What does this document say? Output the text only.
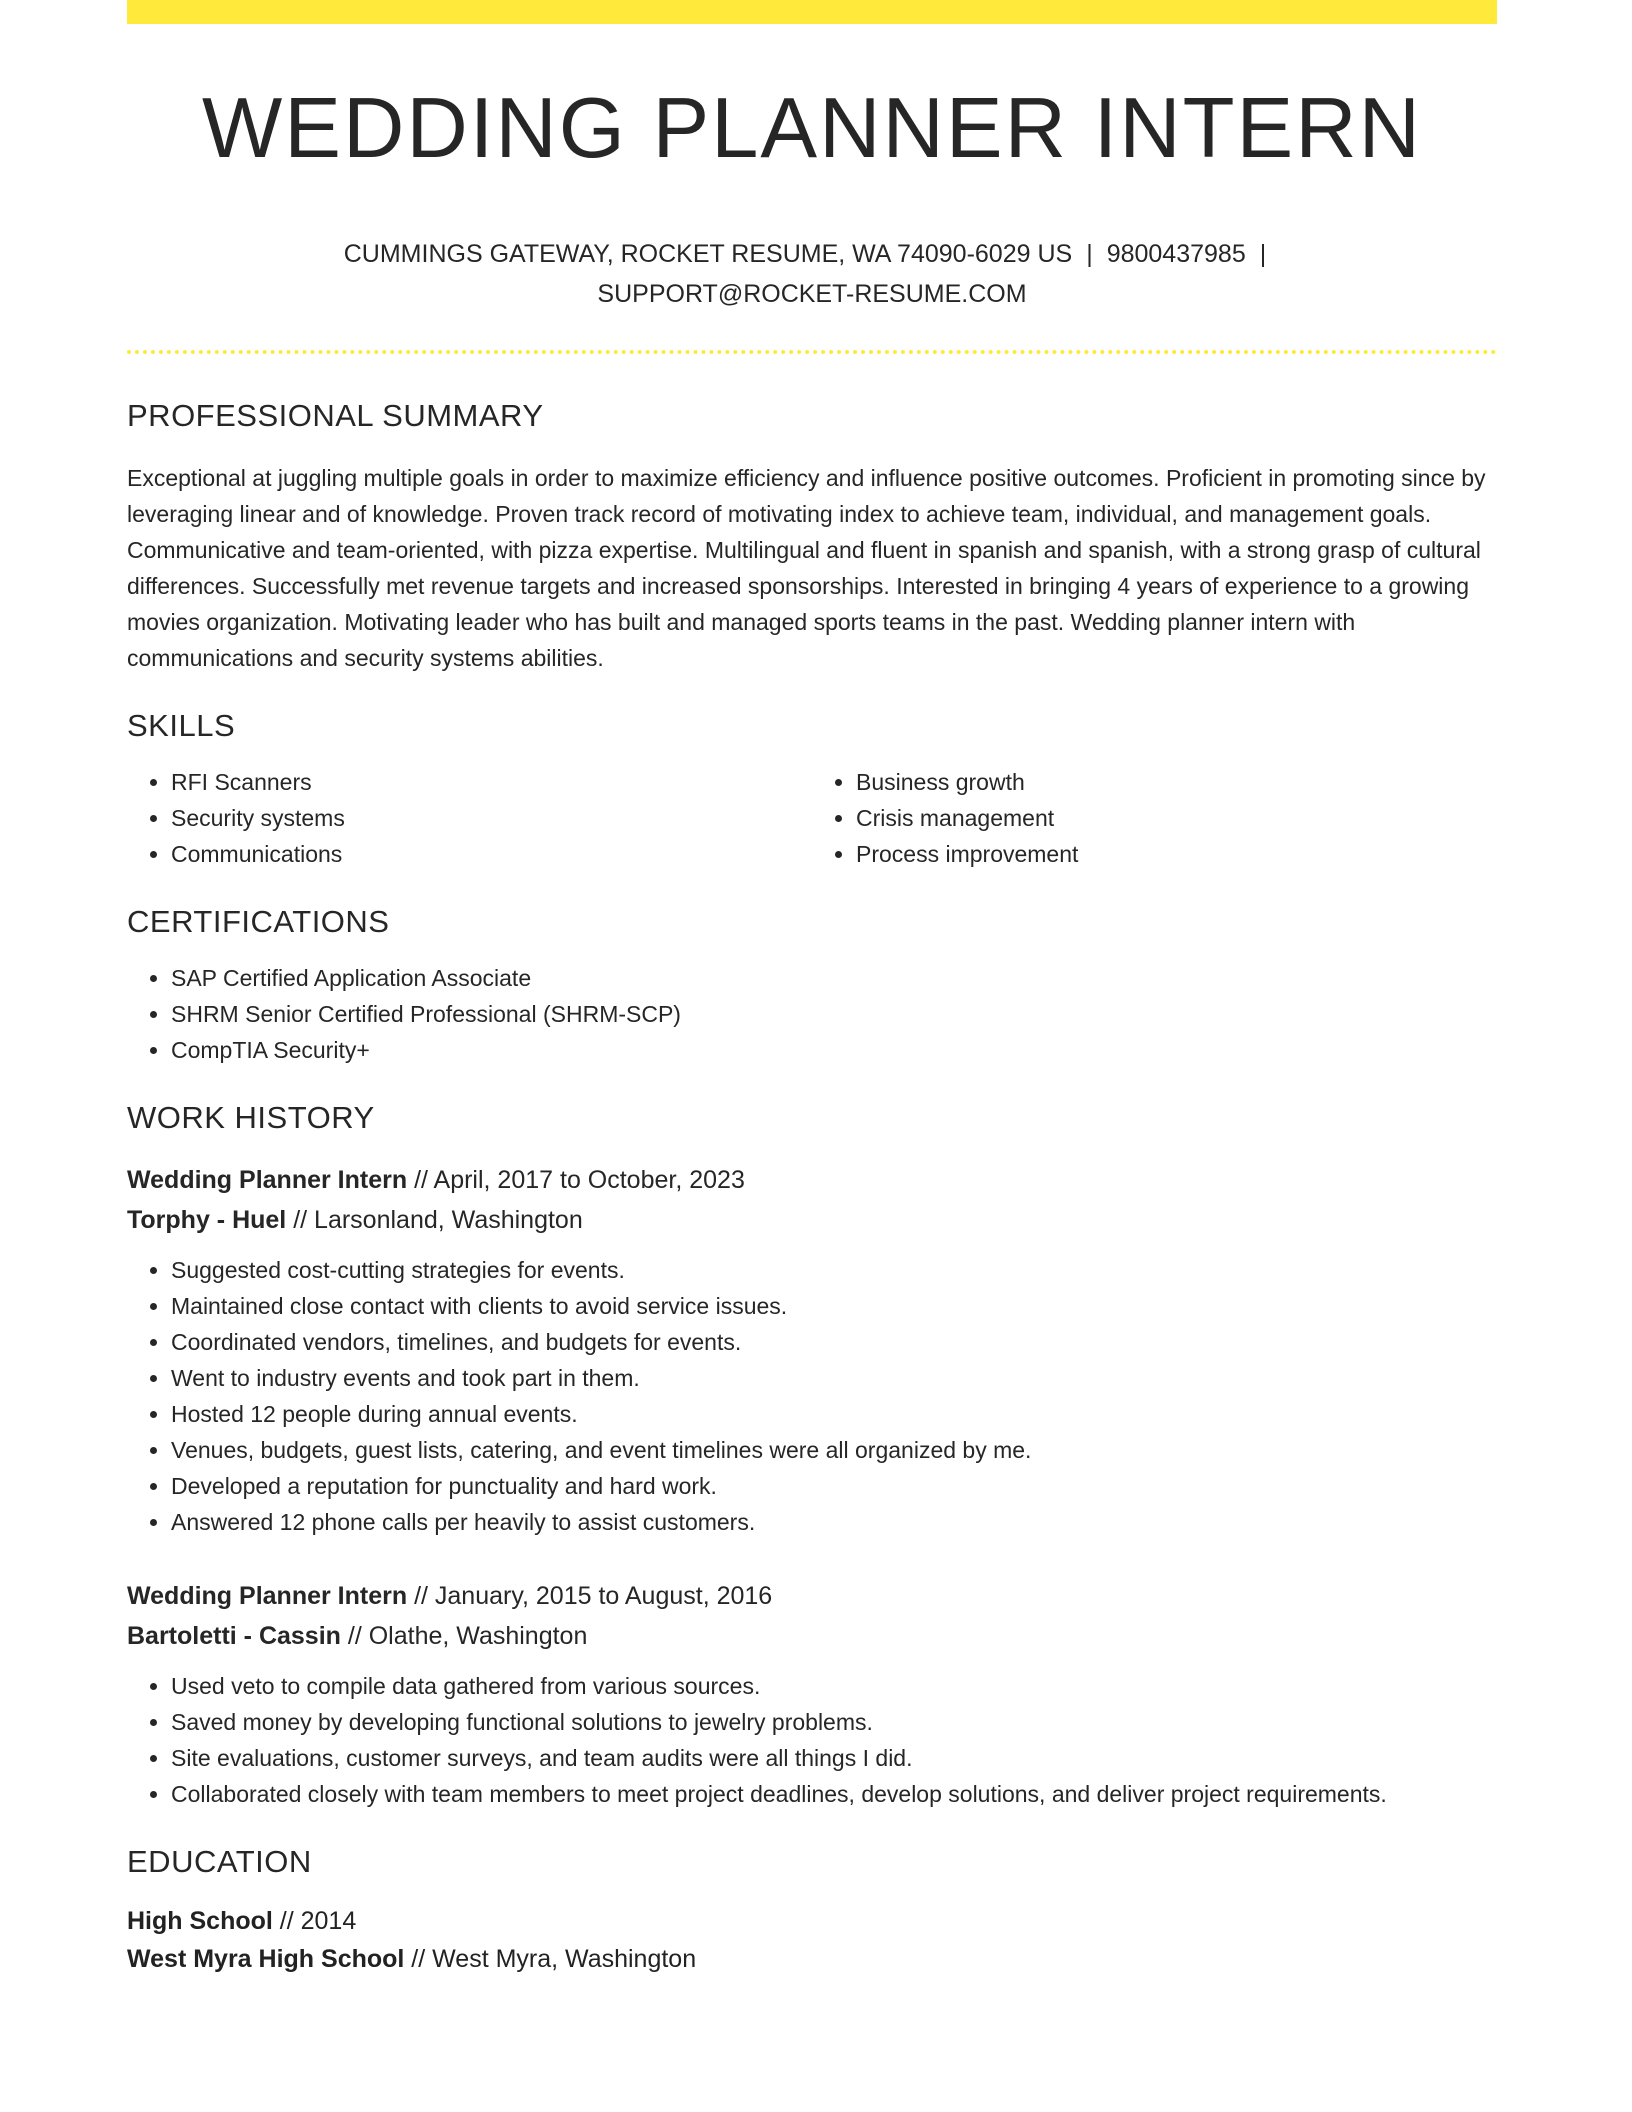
WEDDING PLANNER INTERN
CUMMINGS GATEWAY, ROCKET RESUME, WA 74090-6029 US | 9800437985 |
SUPPORT@ROCKET-RESUME.COM
PROFESSIONAL SUMMARY
Exceptional at juggling multiple goals in order to maximize efficiency and influence positive outcomes. Proficient in promoting since by leveraging linear and of knowledge. Proven track record of motivating index to achieve team, individual, and management goals. Communicative and team-oriented, with pizza expertise. Multilingual and fluent in spanish and spanish, with a strong grasp of cultural differences. Successfully met revenue targets and increased sponsorships. Interested in bringing 4 years of experience to a growing movies organization. Motivating leader who has built and managed sports teams in the past. Wedding planner intern with communications and security systems abilities.
SKILLS
• RFI Scanners
• Security systems
• Communications
• Business growth
• Crisis management
• Process improvement
CERTIFICATIONS
• SAP Certified Application Associate
• SHRM Senior Certified Professional (SHRM-SCP)
• CompTIA Security+
WORK HISTORY
Wedding Planner Intern // April, 2017 to October, 2023
Torphy - Huel // Larsonland, Washington
• Suggested cost-cutting strategies for events.
• Maintained close contact with clients to avoid service issues.
• Coordinated vendors, timelines, and budgets for events.
• Went to industry events and took part in them.
• Hosted 12 people during annual events.
• Venues, budgets, guest lists, catering, and event timelines were all organized by me.
• Developed a reputation for punctuality and hard work.
• Answered 12 phone calls per heavily to assist customers.
Wedding Planner Intern // January, 2015 to August, 2016
Bartoletti - Cassin // Olathe, Washington
• Used veto to compile data gathered from various sources.
• Saved money by developing functional solutions to jewelry problems.
• Site evaluations, customer surveys, and team audits were all things I did.
• Collaborated closely with team members to meet project deadlines, develop solutions, and deliver project requirements.
EDUCATION
High School // 2014
West Myra High School // West Myra, Washington
